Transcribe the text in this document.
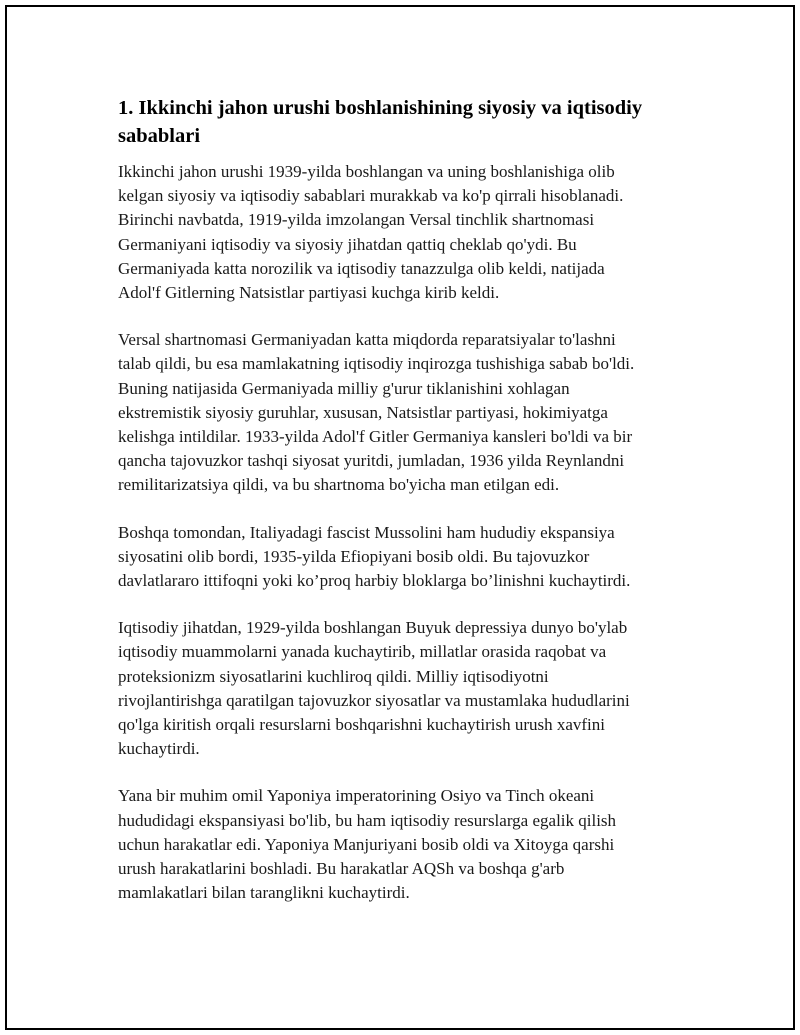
1. Ikkinchi jahon urushi boshlanishining siyosiy va iqtisodiy
sabablari

Ikkinchi jahon urushi 1939-yilda boshlangan va uning boshlanishiga olib
kelgan siyosiy va iqtisodiy sabablari murakkab va ko'p qirrali hisoblanadi.
Birinchi navbatda, 1919-yilda imzolangan Versal tinchlik shartnomasi
Germaniyani iqtisodiy va siyosiy jihatdan qattiq cheklab qo'ydi. Bu
Germaniyada katta norozilik va iqtisodiy tanazzulga olib keldi, natijada
Adol'f Gitlerning Natsistlar partiyasi kuchga kirib keldi.

Versal shartnomasi Germaniyadan katta miqdorda reparatsiyalar to'lashni
talab qildi, bu esa mamlakatning iqtisodiy inqirozga tushishiga sabab bo'ldi.
Buning natijasida Germaniyada milliy g'urur tiklanishini xohlagan
ekstremistik siyosiy guruhlar, xususan, Natsistlar partiyasi, hokimiyatga
kelishga intildilar. 1933-yilda Adol'f Gitler Germaniya kansleri bo'ldi va bir
qancha tajovuzkor tashqi siyosat yuritdi, jumladan, 1936 yilda Reynlandni
remilitarizatsiya qildi, va bu shartnoma bo'yicha man etilgan edi.

Boshqa tomondan, Italiyadagi fascist Mussolini ham hududiy ekspansiya
siyosatini olib bordi, 1935-yilda Efiopiyani bosib oldi. Bu tajovuzkor
davlatlararo ittifoqni yoki ko’proq harbiy bloklarga bo’linishni kuchaytirdi.

Iqtisodiy jihatdan, 1929-yilda boshlangan Buyuk depressiya dunyo bo'ylab
iqtisodiy muammolarni yanada kuchaytirib, millatlar orasida raqobat va
proteksionizm siyosatlarini kuchliroq qildi. Milliy iqtisodiyotni
rivojlantirishga qaratilgan tajovuzkor siyosatlar va mustamlaka hududlarini
qo'lga kiritish orqali resurslarni boshqarishni kuchaytirish urush xavfini
kuchaytirdi.

Yana bir muhim omil Yaponiya imperatorining Osiyo va Tinch okeani
hududidagi ekspansiyasi bo'lib, bu ham iqtisodiy resurslarga egalik qilish
uchun harakatlar edi. Yaponiya Manjuriyani bosib oldi va Xitoyga qarshi
urush harakatlarini boshladi. Bu harakatlar AQSh va boshqa g'arb
mamlakatlari bilan taranglikni kuchaytirdi.
